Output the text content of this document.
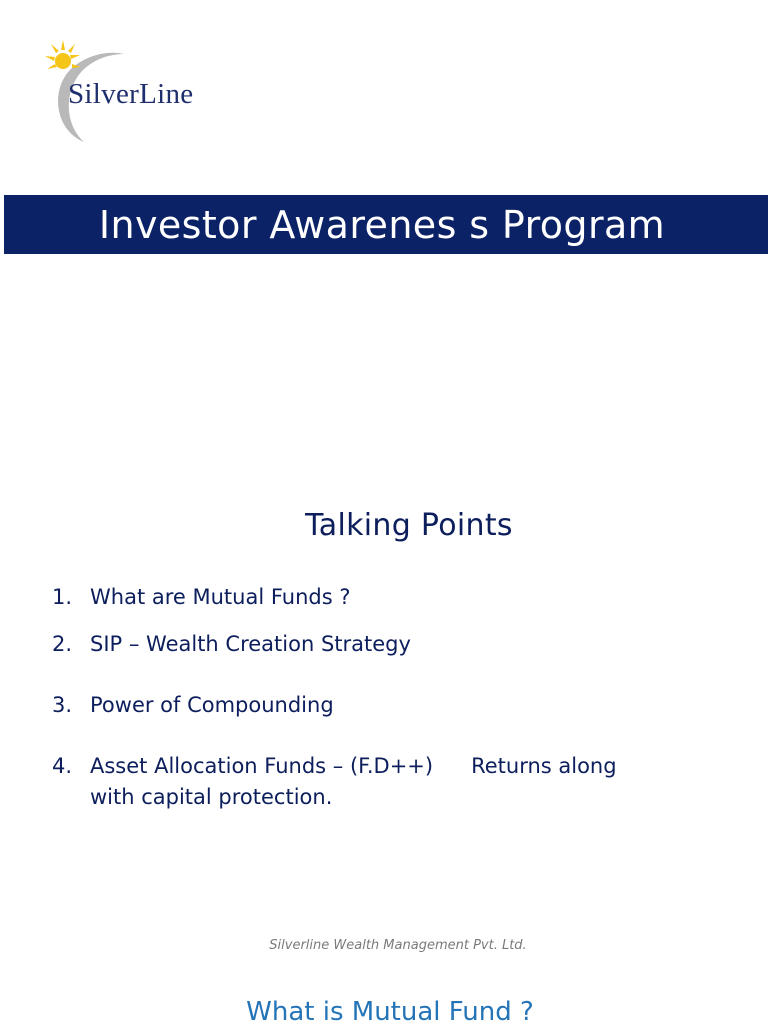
SilverLine
Investor Awarenes s Program
Talking Points
1. What are Mutual Funds ?
2. SIP – Wealth Creation Strategy
3. Power of Compounding
4. Asset Allocation Funds – (F.D++) Returns along
with capital protection.
Silverline Wealth Management Pvt. Ltd.
What is Mutual Fund ?
